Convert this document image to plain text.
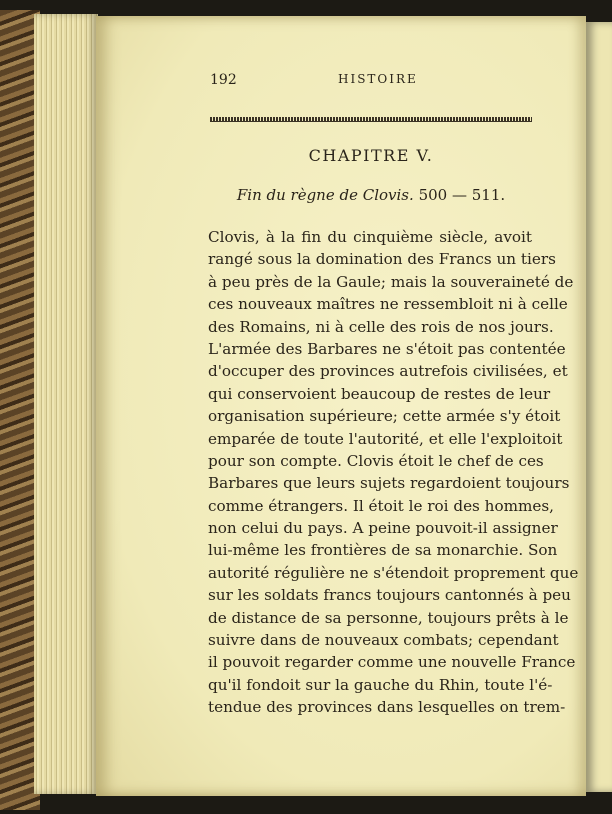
192	HISTOIRE
CHAPITRE V.
Fin du règne de Clovis. 500 — 511.
Clovis, à la fin du cinquième siècle, avoit
rangé sous la domination des Francs un tiers
à peu près de la Gaule; mais la souveraineté de
ces nouveaux maîtres ne ressembloit ni à celle
des Romains, ni à celle des rois de nos jours.
L'armée des Barbares ne s'étoit pas contentée
d'occuper des provinces autrefois civilisées, et
qui conservoient beaucoup de restes de leur
organisation supérieure; cette armée s'y étoit
emparée de toute l'autorité, et elle l'exploitoit
pour son compte. Clovis étoit le chef de ces
Barbares que leurs sujets regardoient toujours
comme étrangers. Il étoit le roi des hommes,
non celui du pays. A peine pouvoit-il assigner
lui-même les frontières de sa monarchie. Son
autorité régulière ne s'étendoit proprement que
sur les soldats francs toujours cantonnés à peu
de distance de sa personne, toujours prêts à le
suivre dans de nouveaux combats; cependant
il pouvoit regarder comme une nouvelle France
qu'il fondoit sur la gauche du Rhin, toute l'é-
tendue des provinces dans lesquelles on trem-
